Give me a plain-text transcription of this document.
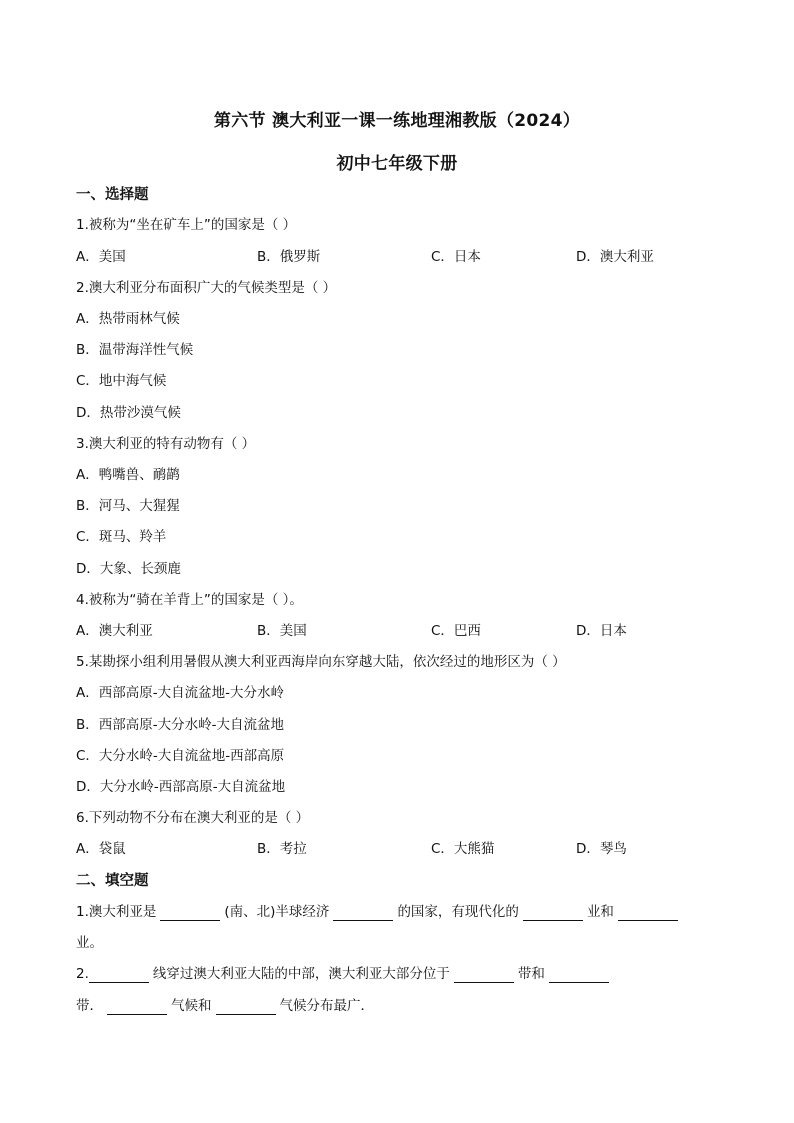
第六节 澳大利亚一课一练地理湘教版（2024）
初中七年级下册
一、选择题
1.被称为“坐在矿车上”的国家是（ ）
A．美国	B．俄罗斯	C．日本	D．澳大利亚
2.澳大利亚分布面积广大的气候类型是（ ）
A．热带雨林气候
B．温带海洋性气候
C．地中海气候
D．热带沙漠气候
3.澳大利亚的特有动物有（ ）
A．鸭嘴兽、鸸鹋
B．河马、大猩猩
C．斑马、羚羊
D．大象、长颈鹿
4.被称为“骑在羊背上”的国家是（ ）。
A．澳大利亚	B．美国	C．巴西	D．日本
5.某勘探小组利用暑假从澳大利亚西海岸向东穿越大陆，依次经过的地形区为（ ）
A．西部高原-大自流盆地-大分水岭
B．西部高原-大分水岭-大自流盆地
C．大分水岭-大自流盆地-西部高原
D．大分水岭-西部高原-大自流盆地
6.下列动物不分布在澳大利亚的是（ ）
A．袋鼠	B．考拉	C．大熊猫	D．琴鸟
二、填空题
1.澳大利亚是	(南、北)半球经济	的国家，有现代化的	业和
业。
2.	线穿过澳大利亚大陆的中部，澳大利亚大部分位于	带和
带．	气候和	气候分布最广．
